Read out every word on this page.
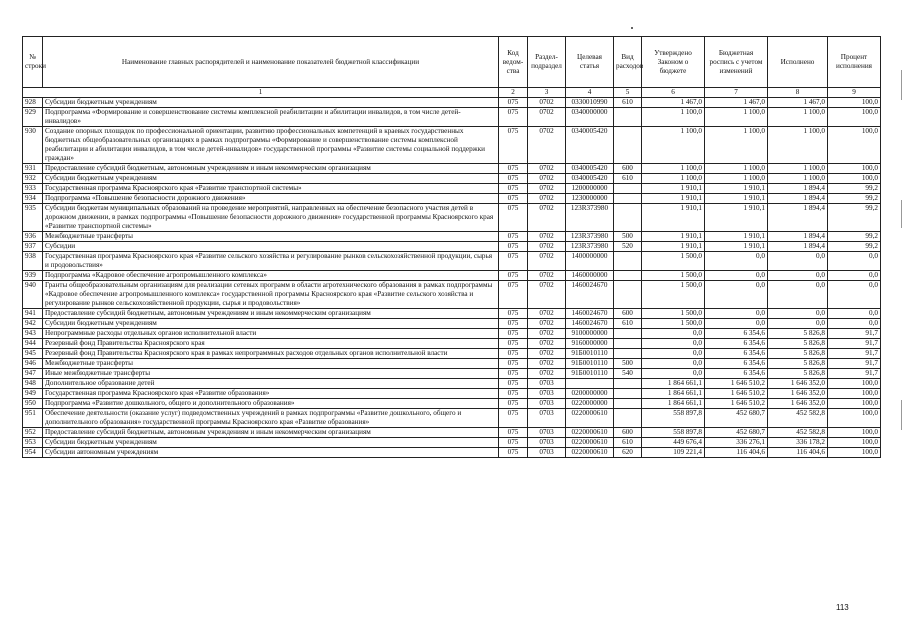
№ строки	Наименование главных распорядителей и наименование показателей бюджетной классификации	Код ведом-ства	Раздел-подраздел	Целевая статья	Вид расходов	Утверждено Законом о бюджете	Бюджетная роспись с учетом изменений	Исполнено	Процент исполнения
1		2	3	4	5	6	7	8	9
928	Субсидии бюджетным учреждениям	075	0702	0330010990	610	1 467,0	1 467,0	1 467,0	100,0
929	Подпрограмма «Формирование и совершенствование системы комплексной реабилитации и абилитации инвалидов, в том числе детей-инвалидов»	075	0702	0340000000		1 100,0	1 100,0	1 100,0	100,0
930	Создание опорных площадок по профессиональной ориентации, развитию профессиональных компетенций в краевых государственных бюджетных общеобразовательных организациях в рамках подпрограммы «Формирование и совершенствование системы комплексной реабилитации и абилитации инвалидов, в том числе детей-инвалидов» государственной программы «Развитие системы социальной поддержки граждан»	075	0702	0340005420		1 100,0	1 100,0	1 100,0	100,0
931	Предоставление субсидий бюджетным, автономным учреждениям и иным некоммерческим организациям	075	0702	0340005420	600	1 100,0	1 100,0	1 100,0	100,0
932	Субсидии бюджетным учреждениям	075	0702	0340005420	610	1 100,0	1 100,0	1 100,0	100,0
933	Государственная программа Красноярского края «Развитие транспортной системы»	075	0702	1200000000		1 910,1	1 910,1	1 894,4	99,2
934	Подпрограмма «Повышение безопасности дорожного движения»	075	0702	1230000000		1 910,1	1 910,1	1 894,4	99,2
935	Субсидии бюджетам муниципальных образований на проведение мероприятий, направленных на обеспечение безопасного участия детей в дорожном движении, в рамках подпрограммы «Повышение безопасности дорожного движения» государственной программы Красноярского края «Развитие транспортной системы»	075	0702	123R373980		1 910,1	1 910,1	1 894,4	99,2
936	Межбюджетные трансферты	075	0702	123R373980	500	1 910,1	1 910,1	1 894,4	99,2
937	Субсидии	075	0702	123R373980	520	1 910,1	1 910,1	1 894,4	99,2
938	Государственная программа Красноярского края «Развитие сельского хозяйства и регулирование рынков сельскохозяйственной продукции, сырья и продовольствия»	075	0702	1400000000		1 500,0	0,0	0,0	0,0
939	Подпрограмма «Кадровое обеспечение агропромышленного комплекса»	075	0702	1460000000		1 500,0	0,0	0,0	0,0
940	Гранты общеобразовательным организациям для реализации сетевых программ в области агротехнического образования в рамках подпрограммы «Кадровое обеспечение агропромышленного комплекса» государственной программы Красноярского края «Развитие сельского хозяйства и регулирование рынков сельскохозяйственной продукции, сырья и продовольствия»	075	0702	1460024670		1 500,0	0,0	0,0	0,0
941	Предоставление субсидий бюджетным, автономным учреждениям и иным некоммерческим организациям	075	0702	1460024670	600	1 500,0	0,0	0,0	0,0
942	Субсидии бюджетным учреждениям	075	0702	1460024670	610	1 500,0	0,0	0,0	0,0
943	Непрограммные расходы отдельных органов исполнительной власти	075	0702	9100000000		0,0	6 354,6	5 826,8	91,7
944	Резервный фонд Правительства Красноярского края	075	0702	9160000000		0,0	6 354,6	5 826,8	91,7
945	Резервный фонд Правительства Красноярского края в рамках непрограммных расходов отдельных органов исполнительной власти	075	0702	91Б0010110		0,0	6 354,6	5 826,8	91,7
946	Межбюджетные трансферты	075	0702	91Б0010110	500	0,0	6 354,6	5 826,8	91,7
947	Иные межбюджетные трансферты	075	0702	91Б0010110	540	0,0	6 354,6	5 826,8	91,7
948	Дополнительное образование детей	075	0703			1 864 661,1	1 646 510,2	1 646 352,0	100,0
949	Государственная программа Красноярского края «Развитие образования»	075	0703	0200000000		1 864 661,1	1 646 510,2	1 646 352,0	100,0
950	Подпрограмма «Развитие дошкольного, общего и дополнительного образования»	075	0703	0220000000		1 864 661,1	1 646 510,2	1 646 352,0	100,0
951	Обеспечение деятельности (оказание услуг) подведомственных учреждений в рамках подпрограммы «Развитие дошкольного, общего и дополнительного образования» государственной программы Красноярского края «Развитие образования»	075	0703	0220000610		558 897,8	452 680,7	452 582,8	100,0
952	Предоставление субсидий бюджетным, автономным учреждениям и иным некоммерческим организациям	075	0703	0220000610	600	558 897,8	452 680,7	452 582,8	100,0
953	Субсидии бюджетным учреждениям	075	0703	0220000610	610	449 676,4	336 276,1	336 178,2	100,0
954	Субсидии автономным учреждениям	075	0703	0220000610	620	109 221,4	116 404,6	116 404,6	100,0
113
